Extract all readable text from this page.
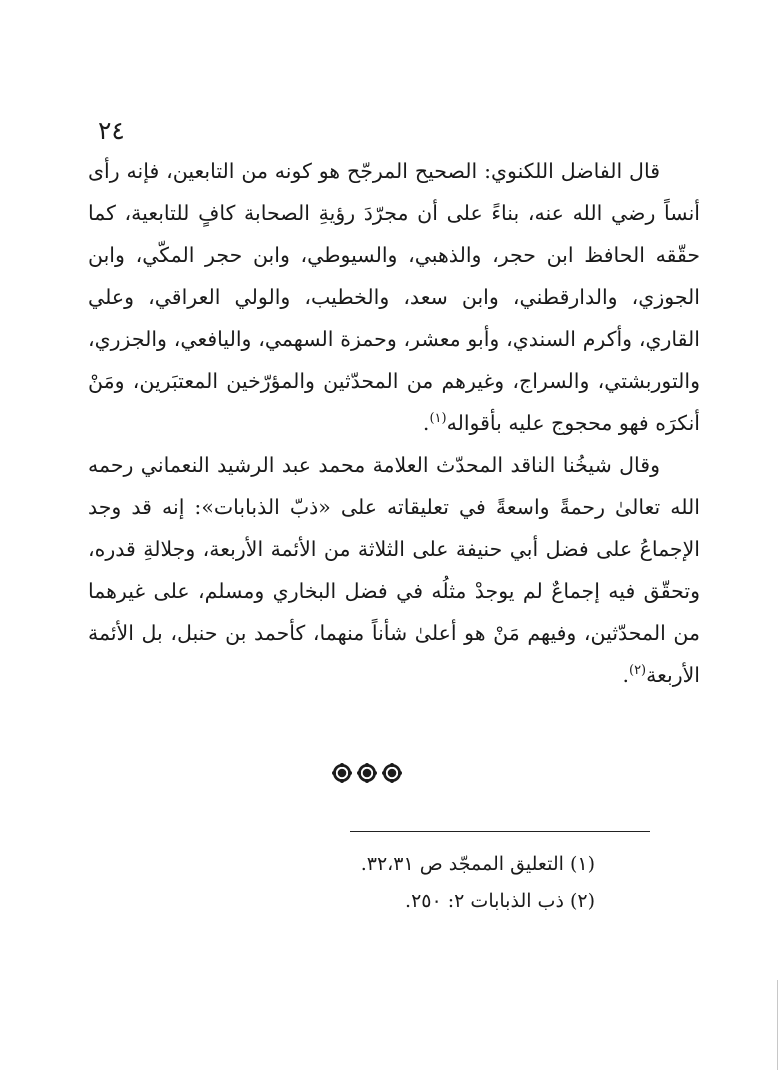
٢٤

قال الفاضل اللكنوي: الصحيح المرجّح هو كونه من التابعين، فإنه رأى أنساً رضي الله عنه، بناءً على أن مجرّدَ رؤيةِ الصحابة كافٍ للتابعية، كما حقّقه الحافظ ابن حجر، والذهبي، والسيوطي، وابن حجر المكّي، وابن الجوزي، والدارقطني، وابن سعد، والخطيب، والولي العراقي، وعلي القاري، وأكرم السندي، وأبو معشر، وحمزة السهمي، واليافعي، والجزري، والتوربشتي، والسراج، وغيرهم من المحدّثين والمؤرّخين المعتبَرين، ومَنْ أنكرَه فهو محجوج عليه بأقواله$^{(١)}$.

وقال شيخُنا الناقد المحدّث العلامة محمد عبد الرشيد النعماني رحمه الله تعالىٰ رحمةً واسعةً في تعليقاته على «ذبّ الذبابات»: إنه قد وجد الإجماعُ على فضل أبي حنيفة على الثلاثة من الأئمة الأربعة، وجلالةِ قدره، وتحقّق فيه إجماعٌ لم يوجدْ مثلُه في فضل البخاري ومسلم، على غيرهما من المحدّثين، وفيهم مَنْ هو أعلىٰ شأناً منهما، كأحمد بن حنبل، بل الأئمة الأربعة$^{(٢)}$.

(١) التعليق الممجّد ص ٣٢،٣١.

(٢) ذب الذبابات ٢: ٢٥٠.
